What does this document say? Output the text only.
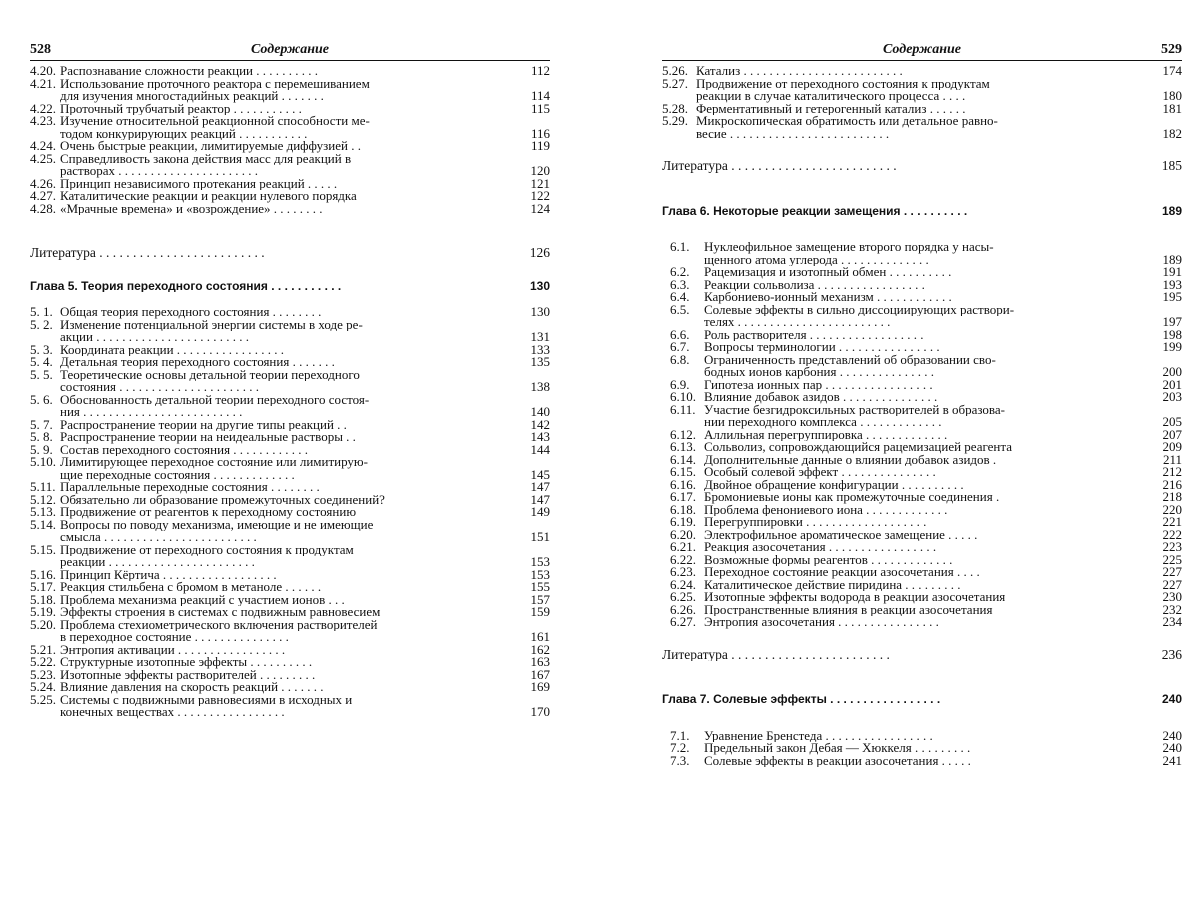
528	Содержание
4.20. Распознавание сложности реакции . . . . . . . . . .	112
4.21. Использование проточного реактора с перемешиванием
для изучения многостадийных реакций . . . . . . .	114
4.22. Проточный трубчатый реактор . . . . . . . . . . .	115
4.23. Изучение относительной реакционной способности ме-
тодом конкурирующих реакций . . . . . . . . . . .	116
4.24. Очень быстрые реакции, лимитируемые диффузией . .	119
4.25. Справедливость закона действия масс для реакций в
растворах . . . . . . . . . . . . . . . . . . . . . .	120
4.26. Принцип независимого протекания реакций . . . . .	121
4.27. Каталитические реакции и реакции нулевого порядка	122
4.28. «Мрачные времена» и «возрождение» . . . . . . . .	124
Литература . . . . . . . . . . . . . . . . . . . . . . . . .	126
Глава 5. Теория переходного состояния . . . . . . . . . . .	130
5. 1. Общая теория переходного состояния . . . . . . . .	130
5. 2. Изменение потенциальной энергии системы в ходе ре-
акции . . . . . . . . . . . . . . . . . . . . . . . .	131
5. 3. Координата реакции . . . . . . . . . . . . . . . . .	133
5. 4. Детальная теория переходного состояния . . . . . . .	135
5. 5. Теоретические основы детальной теории переходного
состояния . . . . . . . . . . . . . . . . . . . . . .	138
5. 6. Обоснованность детальной теории переходного состоя-
ния . . . . . . . . . . . . . . . . . . . . . . . . .	140
5. 7. Распространение теории на другие типы реакций . .	142
5. 8. Распространение теории на неидеальные растворы . .	143
5. 9. Состав переходного состояния . . . . . . . . . . . .	144
5.10. Лимитирующее переходное состояние или лимитирую-
щие переходные состояния . . . . . . . . . . . . .	145
5.11. Параллельные переходные состояния . . . . . . . .	147
5.12. Обязательно ли образование промежуточных соединений?	147
5.13. Продвижение от реагентов к переходному состоянию	149
5.14. Вопросы по поводу механизма, имеющие и не имеющие
смысла . . . . . . . . . . . . . . . . . . . . . . . .	151
5.15. Продвижение от переходного состояния к продуктам
реакции . . . . . . . . . . . . . . . . . . . . . . .	153
5.16. Принцип Кёртича . . . . . . . . . . . . . . . . . .	153
5.17. Реакция стильбена с бромом в метаноле . . . . . .	155
5.18. Проблема механизма реакций с участием ионов . . .	157
5.19. Эффекты строения в системах с подвижным равновесием	159
5.20. Проблема стехиометрического включения растворителей
в переходное состояние . . . . . . . . . . . . . . .	161
5.21. Энтропия активации . . . . . . . . . . . . . . . . .	162
5.22. Структурные изотопные эффекты . . . . . . . . . .	163
5.23. Изотопные эффекты растворителей . . . . . . . . .	167
5.24. Влияние давления на скорость реакций . . . . . . .	169
5.25. Системы с подвижными равновесиями в исходных и
конечных веществах . . . . . . . . . . . . . . . . .	170
Содержание	529
5.26. Катализ . . . . . . . . . . . . . . . . . . . . . . . . .	174
5.27. Продвижение от переходного состояния к продуктам
реакции в случае каталитического процесса . . . .	180
5.28. Ферментативный и гетерогенный катализ . . . . . .	181
5.29. Микроскопическая обратимость или детальное равно-
весие . . . . . . . . . . . . . . . . . . . . . . . . .	182
Литература . . . . . . . . . . . . . . . . . . . . . . . . .	185
Глава 6. Некоторые реакции замещения . . . . . . . . . .	189
6.1. Нуклеофильное замещение второго порядка у насы-
щенного атома углерода . . . . . . . . . . . . . .	189
6.2. Рацемизация и изотопный обмен . . . . . . . . . .	191
6.3. Реакции сольволиза . . . . . . . . . . . . . . . . .	193
6.4. Карбониево-ионный механизм . . . . . . . . . . . .	195
6.5. Солевые эффекты в сильно диссоциирующих раствори-
телях . . . . . . . . . . . . . . . . . . . . . . . .	197
6.6. Роль растворителя . . . . . . . . . . . . . . . . . .	198
6.7. Вопросы терминологии . . . . . . . . . . . . . . . .	199
6.8. Ограниченность представлений об образовании сво-
бодных ионов карбония . . . . . . . . . . . . . . .	200
6.9. Гипотеза ионных пар . . . . . . . . . . . . . . . . .	201
6.10. Влияние добавок азидов . . . . . . . . . . . . . . .	203
6.11. Участие безгидроксильных растворителей в образова-
нии переходного комплекса . . . . . . . . . . . . .	205
6.12. Аллильная перегруппировка . . . . . . . . . . . . .	207
6.13. Сольволиз, сопровождающийся рацемизацией реагента	209
6.14. Дополнительные данные о влиянии добавок азидов .	211
6.15. Особый солевой эффект . . . . . . . . . . . . . . .	212
6.16. Двойное обращение конфигурации . . . . . . . . . .	216
6.17. Бромониевые ионы как промежуточные соединения .	218
6.18. Проблема фенониевого иона . . . . . . . . . . . . .	220
6.19. Перегруппировки . . . . . . . . . . . . . . . . . . .	221
6.20. Электрофильное ароматическое замещение . . . . .	222
6.21. Реакция азосочетания . . . . . . . . . . . . . . . . .	223
6.22. Возможные формы реагентов . . . . . . . . . . . . .	225
6.23. Переходное состояние реакции азосочетания . . . .	227
6.24. Каталитическое действие пиридина . . . . . . . . .	227
6.25. Изотопные эффекты водорода в реакции азосочетания	230
6.26. Пространственные влияния в реакции азосочетания	232
6.27. Энтропия азосочетания . . . . . . . . . . . . . . . .	234
Литература . . . . . . . . . . . . . . . . . . . . . . . .	236
Глава 7. Солевые эффекты . . . . . . . . . . . . . . . . .	240
7.1. Уравнение Бренстеда . . . . . . . . . . . . . . . . .	240
7.2. Предельный закон Дебая — Хюккеля . . . . . . . . .	240
7.3. Солевые эффекты в реакции азосочетания . . . . .	241
